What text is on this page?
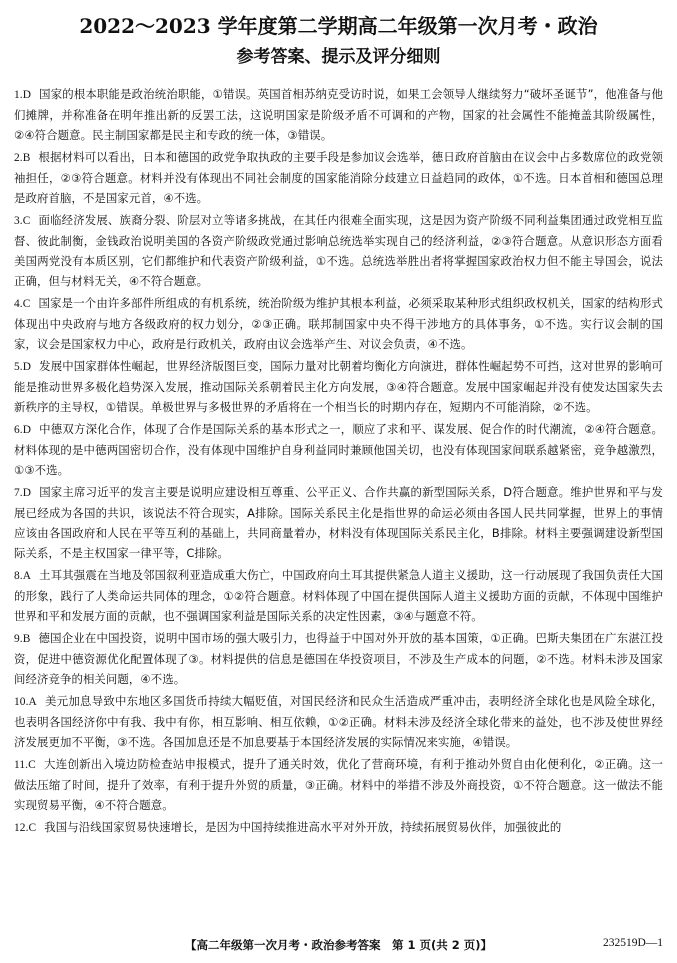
2022～2023 学年度第二学期高二年级第一次月考・政治
参考答案、提示及评分细则
1.D 国家的根本职能是政治统治职能，①错误。英国首相苏纳克受访时说，如果工会领导人继续努力“破坏圣诞节”，他准备与他们摊牌，并称准备在明年推出新的反罢工法，这说明国家是阶级矛盾不可调和的产物，国家的社会属性不能掩盖其阶级属性，②④符合题意。民主制国家都是民主和专政的统一体，③错误。
2.B 根据材料可以看出，日本和德国的政党争取执政的主要手段是参加议会选举，德日政府首脑由在议会中占多数席位的政党领袖担任，②③符合题意。材料并没有体现出不同社会制度的国家能消除分歧建立日益趋同的政体，①不选。日本首相和德国总理是政府首脑，不是国家元首，④不选。
3.C 面临经济发展、族裔分裂、阶层对立等诸多挑战，在其任内很难全面实现，这是因为资产阶级不同利益集团通过政党相互监督、彼此制衡，金钱政治说明美国的各资产阶级政党通过影响总统选举实现自己的经济利益，②③符合题意。从意识形态方面看美国两党没有本质区别，它们都维护和代表资产阶级利益，①不选。总统选举胜出者将掌握国家政治权力但不能主导国会，说法正确，但与材料无关，④不符合题意。
4.C 国家是一个由许多部件所组成的有机系统，统治阶级为维护其根本利益，必须采取某种形式组织政权机关，国家的结构形式体现出中央政府与地方各级政府的权力划分，②③正确。联邦制国家中央不得干涉地方的具体事务，①不选。实行议会制的国家，议会是国家权力中心，政府是行政机关，政府由议会选举产生、对议会负责，④不选。
5.D 发展中国家群体性崛起，世界经济版图巨变，国际力量对比朝着均衡化方向演进，群体性崛起势不可挡，这对世界的影响可能是推动世界多极化趋势深入发展，推动国际关系朝着民主化方向发展，③④符合题意。发展中国家崛起并没有使发达国家失去新秩序的主导权，①错误。单极世界与多极世界的矛盾将在一个相当长的时期内存在，短期内不可能消除，②不选。
6.D 中德双方深化合作，体现了合作是国际关系的基本形式之一，顺应了求和平、谋发展、促合作的时代潮流，②④符合题意。材料体现的是中德两国密切合作，没有体现中国维护自身利益同时兼顾他国关切，也没有体现国家间联系越紧密，竞争越激烈，①③不选。
7.D 国家主席习近平的发言主要是说明应建设相互尊重、公平正义、合作共赢的新型国际关系，D符合题意。维护世界和平与发展已经成为各国的共识，该说法不符合现实，A排除。国际关系民主化是指世界的命运必须由各国人民共同掌握，世界上的事情应该由各国政府和人民在平等互利的基础上，共同商量着办，材料没有体现国际关系民主化，B排除。材料主要强调建设新型国际关系，不是主权国家一律平等，C排除。
8.A 土耳其强震在当地及邻国叙利亚造成重大伤亡，中国政府向土耳其提供紧急人道主义援助，这一行动展现了我国负责任大国的形象，践行了人类命运共同体的理念，①②符合题意。材料体现了中国在提供国际人道主义援助方面的贡献，不体现中国维护世界和平和发展方面的贡献，也不强调国家利益是国际关系的决定性因素，③④与题意不符。
9.B 德国企业在中国投资，说明中国市场的强大吸引力，也得益于中国对外开放的基本国策，①正确。巴斯夫集团在广东湛江投资，促进中德资源优化配置体现了③。材料提供的信息是德国在华投资项目，不涉及生产成本的问题，②不选。材料未涉及国家间经济竞争的相关问题，④不选。
10.A 美元加息导致中东地区多国货币持续大幅贬值，对国民经济和民众生活造成严重冲击，表明经济全球化也是风险全球化，也表明各国经济你中有我、我中有你，相互影响、相互依赖，①②正确。材料未涉及经济全球化带来的益处，也不涉及使世界经济发展更加不平衡，③不选。各国加息还是不加息要基于本国经济发展的实际情况来实施，④错误。
11.C 大连创新出入境边防检查站申报模式，提升了通关时效，优化了营商环境，有利于推动外贸自由化便利化，②正确。这一做法压缩了时间，提升了效率，有利于提升外贸的质量，③正确。材料中的举措不涉及外商投资，①不符合题意。这一做法不能实现贸易平衡，④不符合题意。
12.C 我国与沿线国家贸易快速增长，是因为中国持续推进高水平对外开放，持续拓展贸易伙伴，加强彼此的
【高二年级第一次月考・政治参考答案　第 1 页(共 2 页)】	232519D—1
